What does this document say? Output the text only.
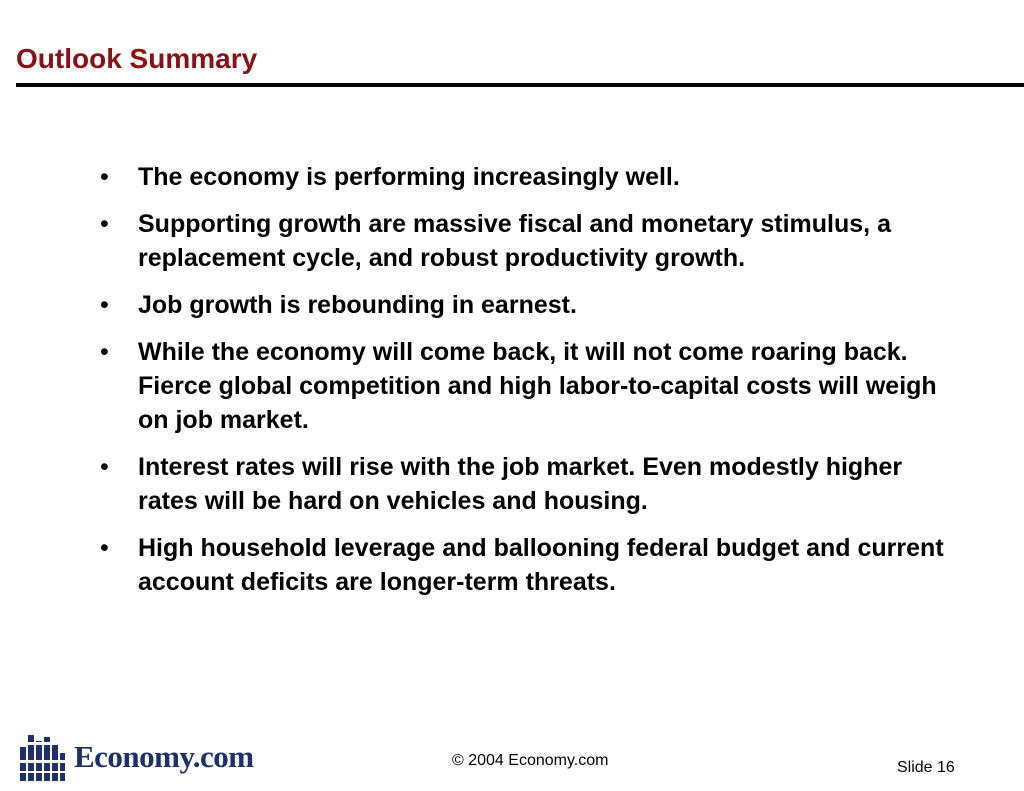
Outlook Summary
•	The economy is performing increasingly well.
•	Supporting growth are massive fiscal and monetary stimulus, a replacement cycle, and robust productivity growth.
•	Job growth is rebounding in earnest.
•	While the economy will come back, it will not come roaring back. Fierce global competition and high labor-to-capital costs will weigh on job market.
•	Interest rates will rise with the job market. Even modestly higher rates will be hard on vehicles and housing.
•	High household leverage and ballooning federal budget and current account deficits are longer-term threats.
Economy.com	© 2004 Economy.com	Slide 16
